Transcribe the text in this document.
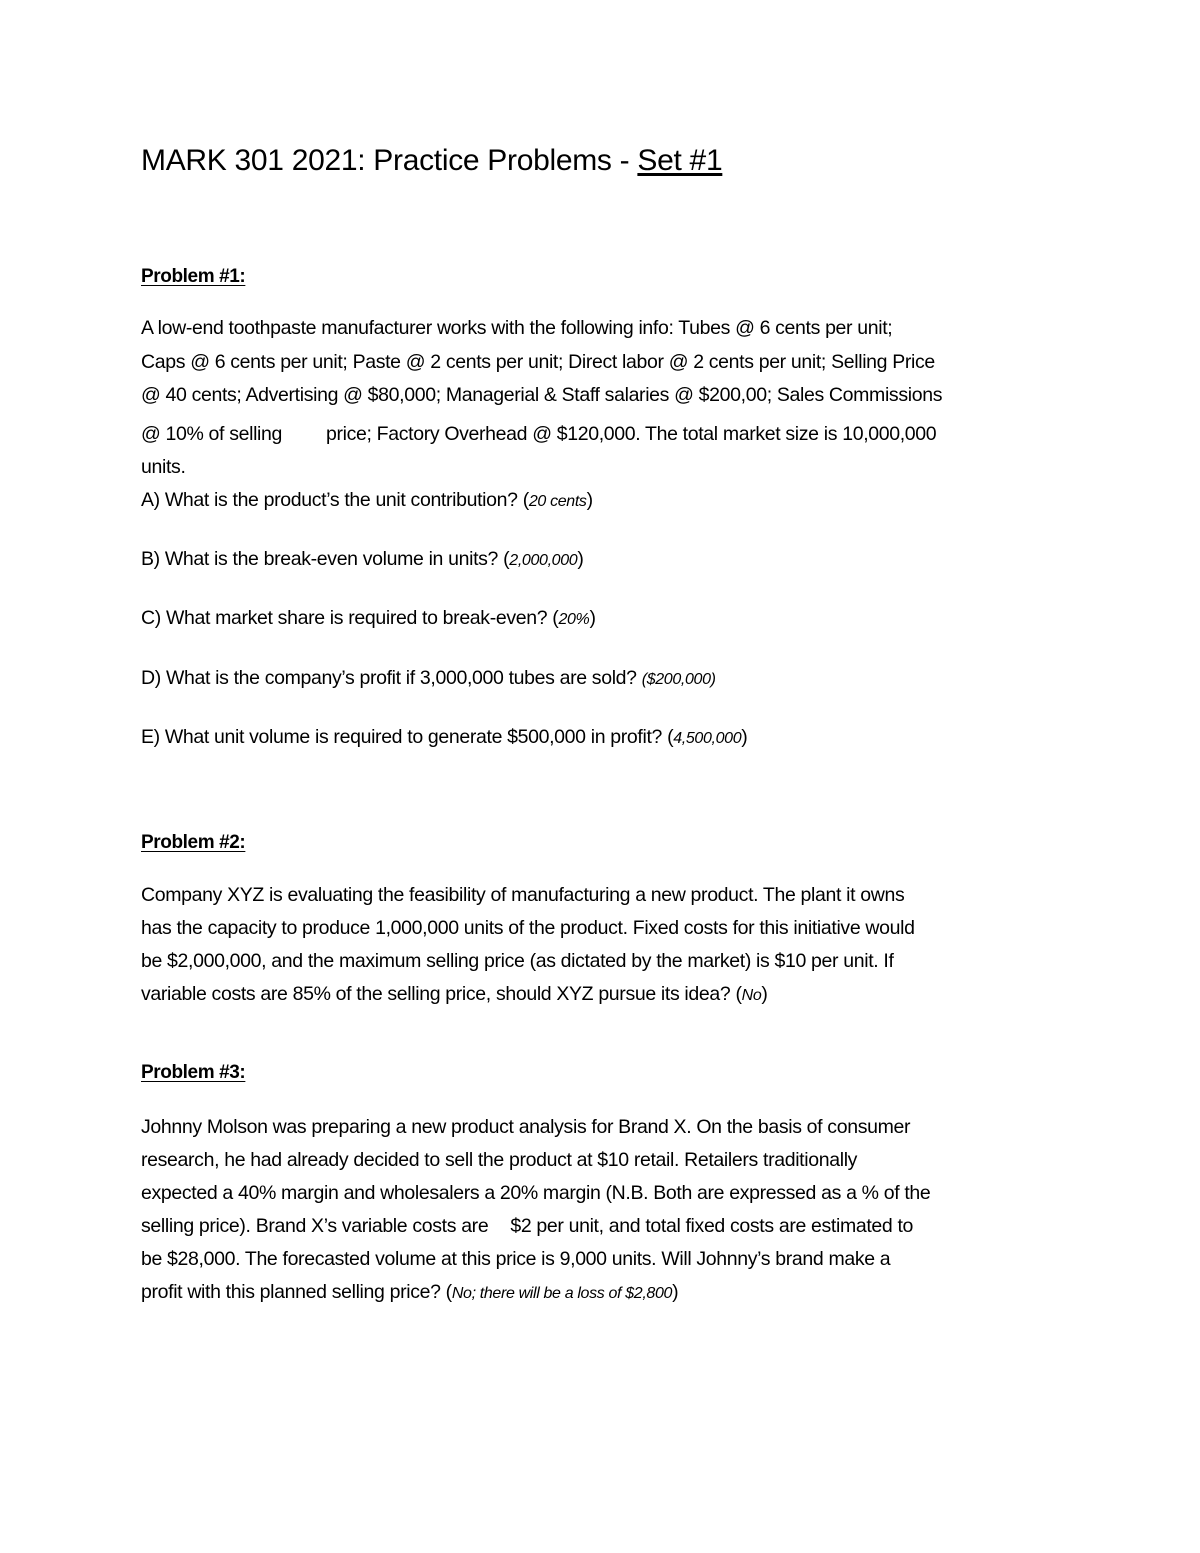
MARK 301 2021: Practice Problems - Set #1
Problem #1:

A low-end toothpaste manufacturer works with the following info: Tubes @ 6 cents per unit;

Caps @ 6 cents per unit; Paste @ 2 cents per unit; Direct labor @ 2 cents per unit; Selling Price

@ 40 cents; Advertising @ $80,000; Managerial & Staff salaries @ $200,00; Sales Commissions

@ 10% of selling price; Factory Overhead @ $120,000. The total market size is 10,000,000

units.

A) What is the product’s the unit contribution? (20 cents)

B) What is the break-even volume in units? (2,000,000)

C) What market share is required to break-even? (20%)

D) What is the company’s profit if 3,000,000 tubes are sold? ($200,000)

E) What unit volume is required to generate $500,000 in profit? (4,500,000)

Problem #2:

Company XYZ is evaluating the feasibility of manufacturing a new product. The plant it owns

has the capacity to produce 1,000,000 units of the product. Fixed costs for this initiative would

be $2,000,000, and the maximum selling price (as dictated by the market) is $10 per unit. If

variable costs are 85% of the selling price, should XYZ pursue its idea? (No)

Problem #3:

Johnny Molson was preparing a new product analysis for Brand X. On the basis of consumer

research, he had already decided to sell the product at $10 retail. Retailers traditionally

expected a 40% margin and wholesalers a 20% margin (N.B. Both are expressed as a % of the

selling price). Brand X’s variable costs are $2 per unit, and total fixed costs are estimated to

be $28,000. The forecasted volume at this price is 9,000 units. Will Johnny’s brand make a

profit with this planned selling price? (No; there will be a loss of $2,800)
